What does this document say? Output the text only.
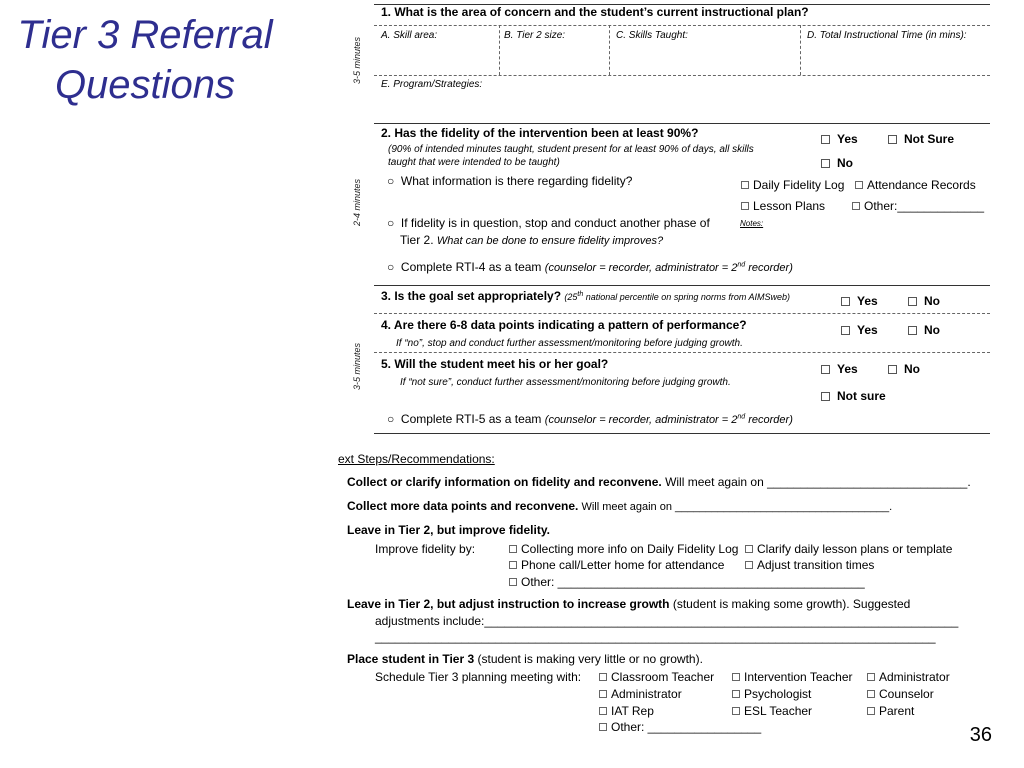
Tier 3 Referral
Questions
3-5 minutes
2-4 minutes
3-5 minutes
1. What is the area of concern and the student’s current instructional plan?
A. Skill area:	B. Tier 2 size:	C. Skills Taught:	D. Total Instructional Time (in mins):
E. Program/Strategies:
2. Has the fidelity of the intervention been at least 90%?
(90% of intended minutes taught, student present for at least 90% of days, all skills
taught that were intended to be taught)
○  What information is there regarding fidelity?
○  If fidelity is in question, stop and conduct another phase of
Tier 2. What can be done to ensure fidelity improves?
○  Complete RTI-4 as a team (counselor = recorder, administrator = 2nd recorder)
Yes	Not Sure
No
Daily Fidelity Log	Attendance Records
Lesson Plans	Other:_____________
Notes:
3. Is the goal set appropriately? (25th national percentile on spring norms from AIMSweb)	Yes	No
4. Are there 6-8 data points indicating a pattern of performance?
If “no”, stop and conduct further assessment/monitoring before judging growth.
Yes	No
5. Will the student meet his or her goal?
If “not sure”, conduct further assessment/monitoring before judging growth.
Yes	No
Not sure
○  Complete RTI-5 as a team (counselor = recorder, administrator = 2nd recorder)
ext Steps/Recommendations:
Collect or clarify information on fidelity and reconvene. Will meet again on ______________________________.
Collect more data points and reconvene. Will meet again on ___________________________________.
Leave in Tier 2, but improve fidelity.
Improve fidelity by:	Collecting more info on Daily Fidelity Log	Clarify daily lesson plans or template
Phone call/Letter home for attendance	Adjust transition times
Other: ______________________________________________
Leave in Tier 2, but adjust instruction to increase growth (student is making some growth). Suggested
adjustments include:_______________________________________________________________________
____________________________________________________________________________________
Place student in Tier 3 (student is making very little or no growth).
Schedule Tier 3 planning meeting with:	Classroom Teacher	Intervention Teacher	Administrator
Administrator	Psychologist	Counselor
IAT Rep	ESL Teacher	Parent
Other: _________________	36
